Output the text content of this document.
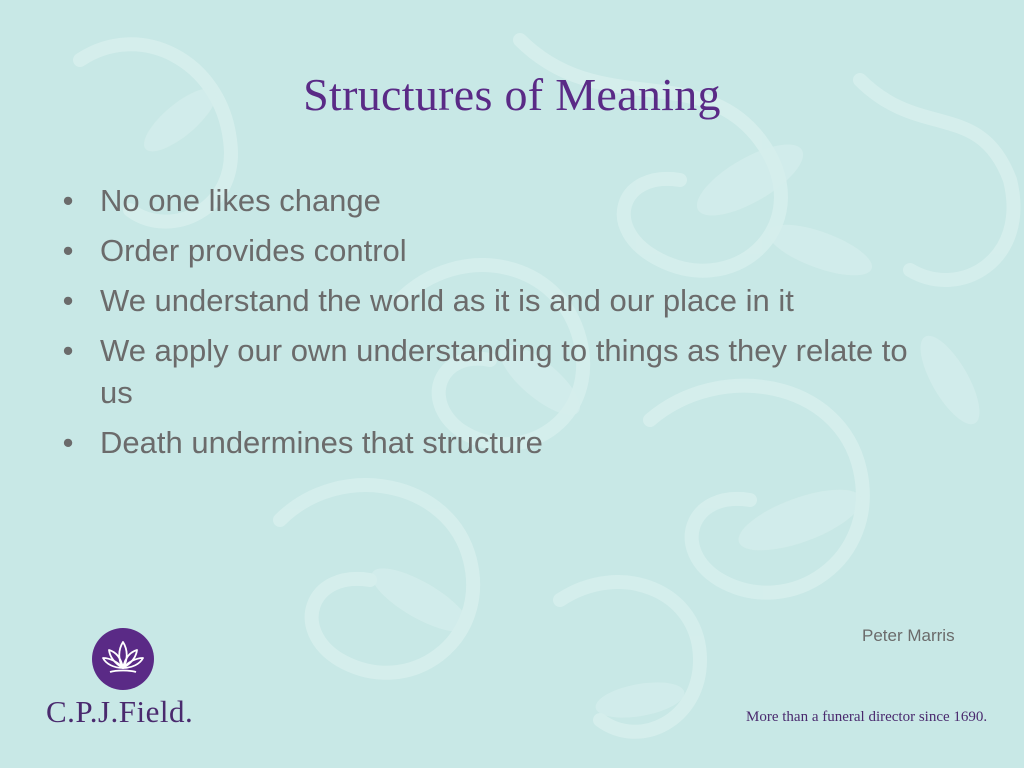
Structures of Meaning
• No one likes change
• Order provides control
• We understand the world as it is and our place in it
• We apply our own understanding to things as they relate to us
• Death undermines that structure
Peter Marris
C.P.J.Field.	More than a funeral director since 1690.
